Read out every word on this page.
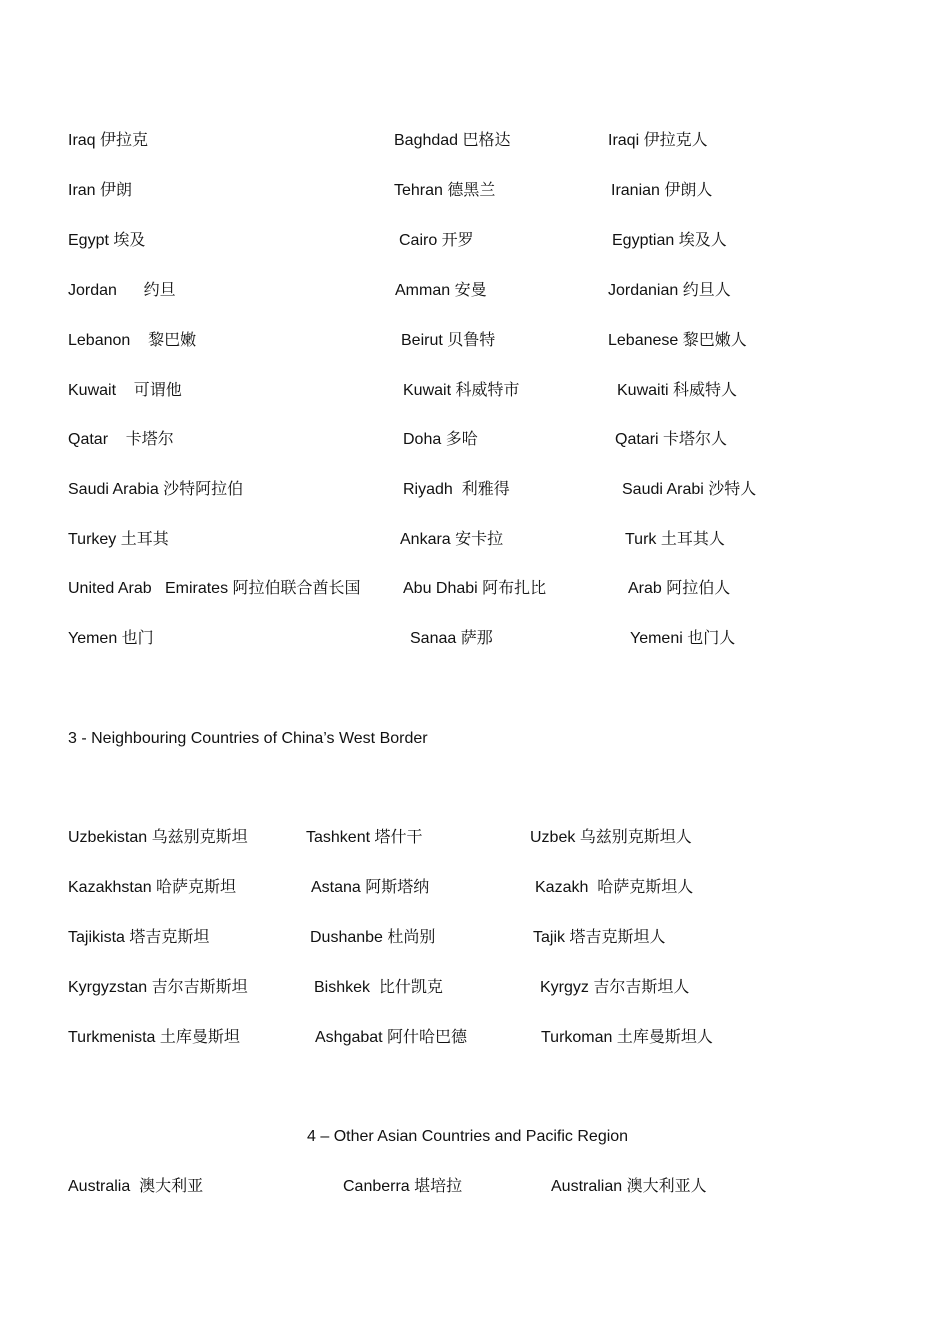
Iraq 伊拉克	Baghdad 巴格达	Iraqi 伊拉克人
Iran 伊朗	Tehran 德黑兰	Iranian 伊朗人
Egypt 埃及	Cairo 开罗	Egyptian 埃及人
Jordan      约旦	Amman 安曼	Jordanian 约旦人
Lebanon    黎巴嫩	Beirut 贝鲁特	Lebanese 黎巴嫩人
Kuwait    可谓他	Kuwait 科威特市	Kuwaiti 科威特人
Qatar    卡塔尔	Doha 多哈	Qatari 卡塔尔人
Saudi Arabia 沙特阿拉伯	Riyadh  利雅得	Saudi Arabi 沙特人
Turkey 土耳其	Ankara 安卡拉	Turk 土耳其人
United Arab   Emirates 阿拉伯联合酋长国	Abu Dhabi 阿布扎比	Arab 阿拉伯人
Yemen 也门	Sanaa 萨那	Yemeni 也门人
3 - Neighbouring Countries of China’s West Border
Uzbekistan 乌兹别克斯坦	Tashkent 塔什干	Uzbek 乌兹别克斯坦人
Kazakhstan 哈萨克斯坦	Astana 阿斯塔纳	Kazakh  哈萨克斯坦人
Tajikista 塔吉克斯坦	Dushanbe 杜尚别	Tajik 塔吉克斯坦人
Kyrgyzstan 吉尔吉斯斯坦	Bishkek  比什凯克	Kyrgyz 吉尔吉斯坦人
Turkmenista 土库曼斯坦	Ashgabat 阿什哈巴德	Turkoman 土库曼斯坦人
4 – Other Asian Countries and Pacific Region
Australia  澳大利亚	Canberra 堪培拉	Australian 澳大利亚人
